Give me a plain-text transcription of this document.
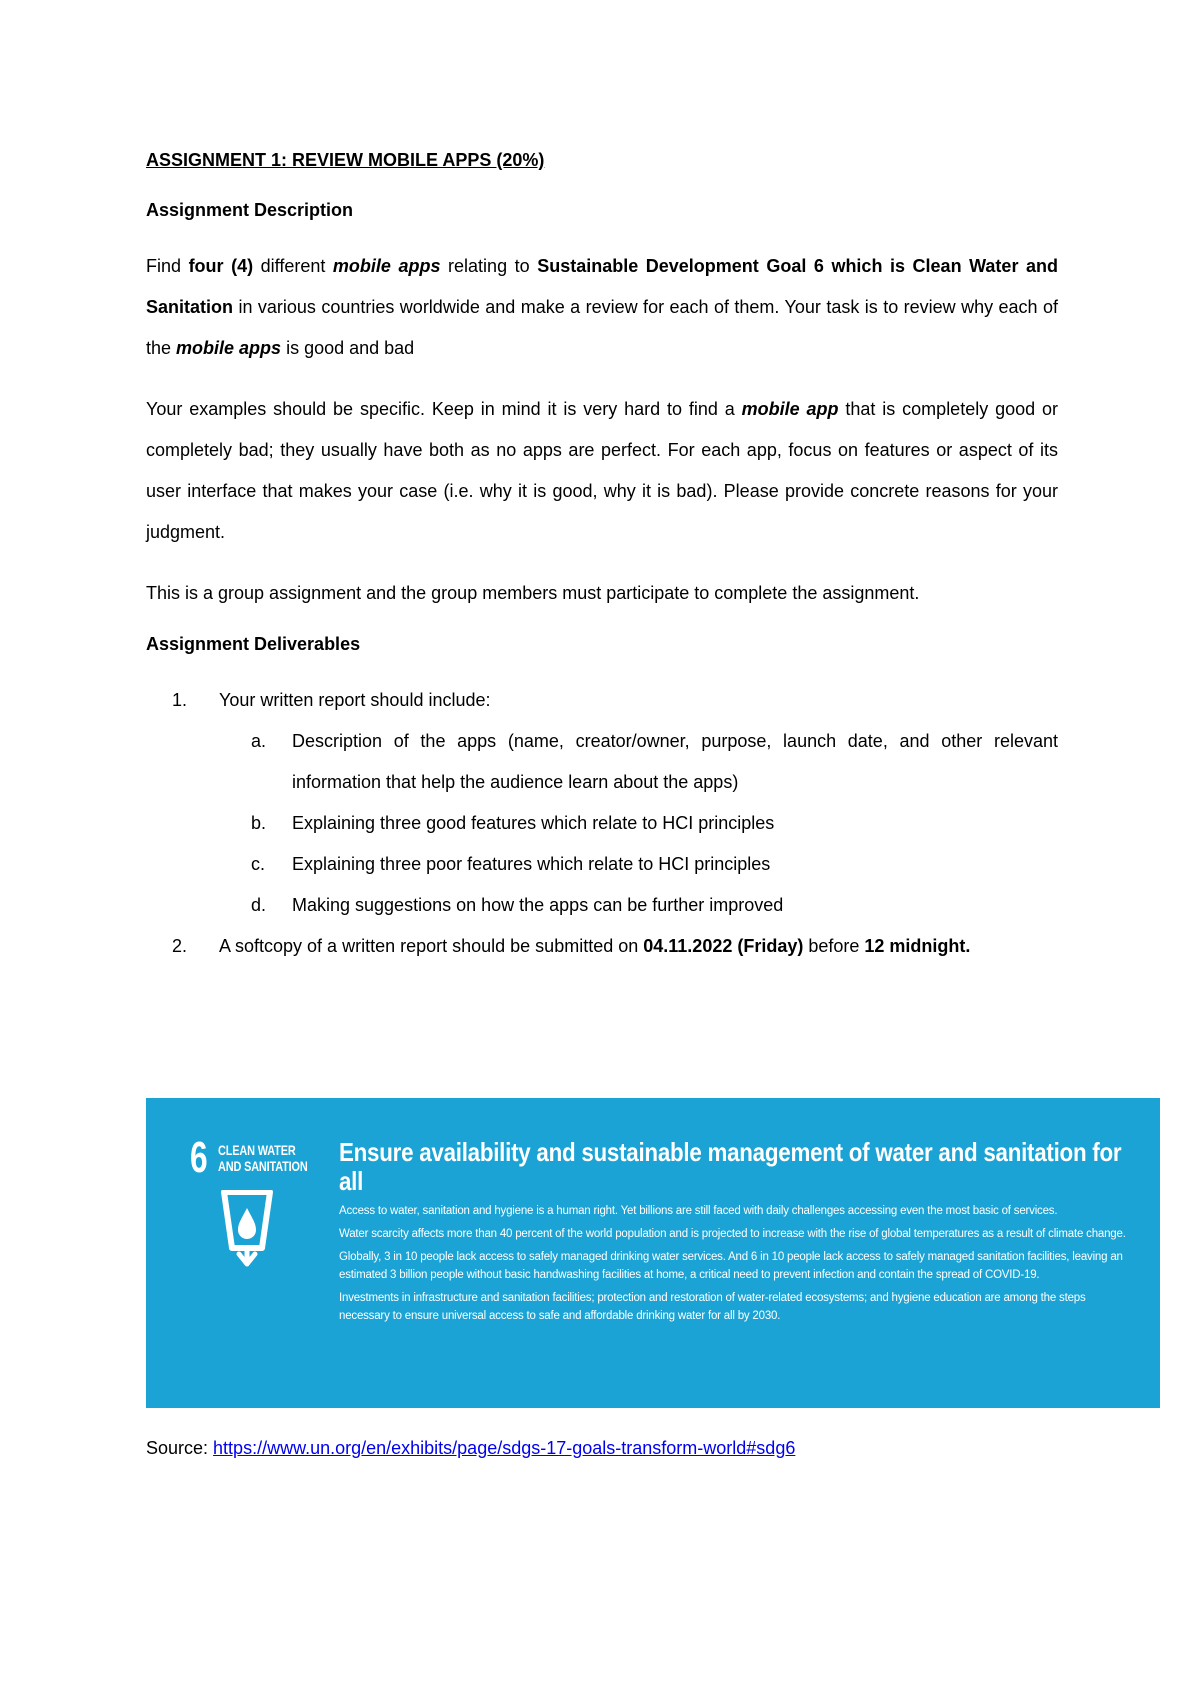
ASSIGNMENT 1: REVIEW MOBILE APPS (20%)

Assignment Description

Find four (4) different mobile apps relating to Sustainable Development Goal 6 which is Clean Water and Sanitation in various countries worldwide and make a review for each of them. Your task is to review why each of the mobile apps is good and bad

Your examples should be specific. Keep in mind it is very hard to find a mobile app that is completely good or completely bad; they usually have both as no apps are perfect. For each app, focus on features or aspect of its user interface that makes your case (i.e. why it is good, why it is bad). Please provide concrete reasons for your judgment.

This is a group assignment and the group members must participate to complete the assignment.

Assignment Deliverables

1. Your written report should include:
a. Description of the apps (name, creator/owner, purpose, launch date, and other relevant information that help the audience learn about the apps)
b. Explaining three good features which relate to HCI principles
c. Explaining three poor features which relate to HCI principles
d. Making suggestions on how the apps can be further improved
2. A softcopy of a written report should be submitted on 04.11.2022 (Friday) before 12 midnight.
6 CLEAN WATER
AND SANITATION Ensure availability and sustainable management of water and sanitation for all

Access to water, sanitation and hygiene is a human right. Yet billions are still faced with daily challenges accessing even the most basic of services.

Water scarcity affects more than 40 percent of the world population and is projected to increase with the rise of global temperatures as a result of climate change.

Globally, 3 in 10 people lack access to safely managed drinking water services. And 6 in 10 people lack access to safely managed sanitation facilities, leaving an estimated 3 billion people without basic handwashing facilities at home, a critical need to prevent infection and contain the spread of COVID-19.

Investments in infrastructure and sanitation facilities; protection and restoration of water-related ecosystems; and hygiene education are among the steps necessary to ensure universal access to safe and affordable drinking water for all by 2030.

Source: https://www.un.org/en/exhibits/page/sdgs-17-goals-transform-world#sdg6
